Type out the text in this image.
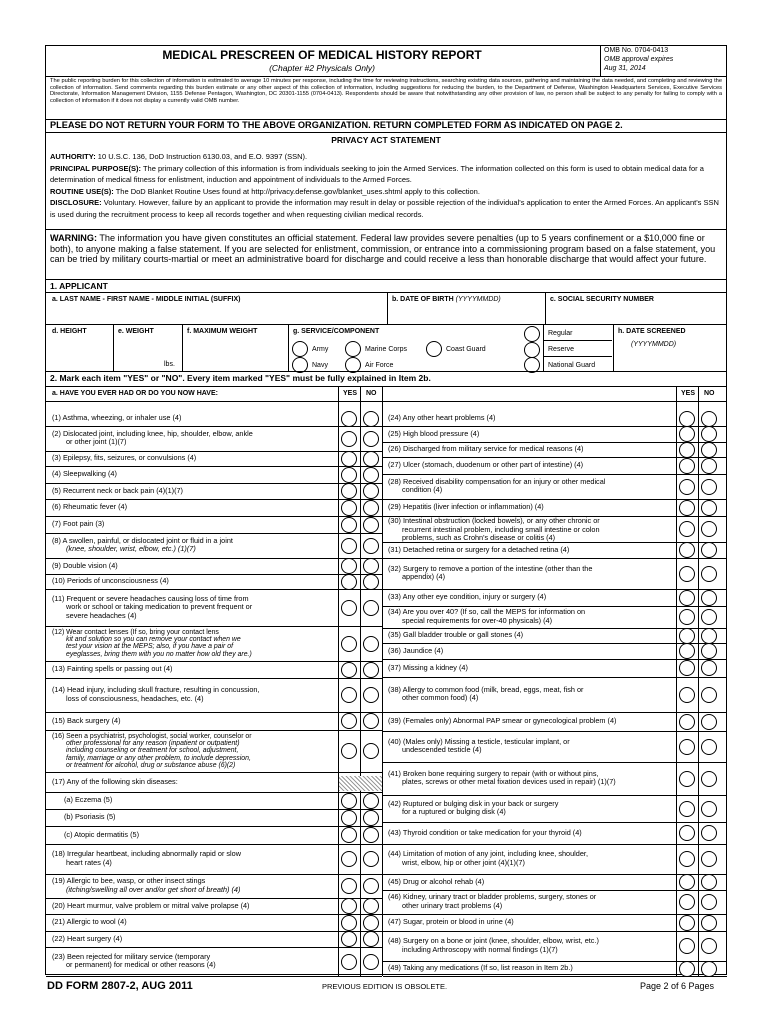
MEDICAL PRESCREEN OF MEDICAL HISTORY REPORT
(Chapter #2 Physicals Only)
OMB No. 0704-0413
OMB approval expires
Aug 31, 2014
The public reporting burden for this collection of information is estimated to average 10 minutes per response, including the time for reviewing instructions, searching existing data sources, gathering and maintaining the data needed, and completing and reviewing the collection of information. Send comments regarding this burden estimate or any other aspect of this collection of information, including suggestions for reducing the burden, to the Department of Defense, Washington Headquarters Services, Executive Services Directorate, Information Management Division, 1155 Defense Pentagon, Washington, DC 20301-1155 (0704-0413). Respondents should be aware that notwithstanding any other provision of law, no person shall be subject to any penalty for failing to comply with a collection of information if it does not display a currently valid OMB number.
PLEASE DO NOT RETURN YOUR FORM TO THE ABOVE ORGANIZATION. RETURN COMPLETED FORM AS INDICATED ON PAGE 2.
PRIVACY ACT STATEMENT
AUTHORITY: 10 U.S.C. 136, DoD Instruction 6130.03, and E.O. 9397 (SSN).
PRINCIPAL PURPOSE(S): The primary collection of this information is from individuals seeking to join the Armed Services. The information collected on this form is used to obtain medical data for a determination of medical fitness for enlistment, induction and appointment of individuals to the Armed Forces.
ROUTINE USE(S): The DoD Blanket Routine Uses found at http://privacy.defense.gov/blanket_uses.shtml apply to this collection.
DISCLOSURE: Voluntary. However, failure by an applicant to provide the information may result in delay or possible rejection of the individual's application to enter the Armed Forces. An applicant's SSN is used during the recruitment process to keep all records together and when requesting civilian medical records.
WARNING: The information you have given constitutes an official statement. Federal law provides severe penalties (up to 5 years confinement or a $10,000 fine or both), to anyone making a false statement. If you are selected for enlistment, commission, or entrance into a commissioning program based on a false statement, you can be tried by military courts-martial or meet an administrative board for discharge and could receive a less than honorable discharge that would affect your future.
1. APPLICANT
a. LAST NAME - FIRST NAME - MIDDLE INITIAL (SUFFIX)	b. DATE OF BIRTH (YYYYMMDD)	c. SOCIAL SECURITY NUMBER
d. HEIGHT	e. WEIGHT	f. MAXIMUM WEIGHT
lbs.
g. SERVICE/COMPONENT
Army
Navy
Marine Corps
Air Force
Coast Guard
Regular
Reserve
National Guard
h. DATE SCREENED
(YYYYMMDD)
2. Mark each item "YES" or "NO". Every item marked "YES" must be fully explained in Item 2b.
a. HAVE YOU EVER HAD OR DO YOU NOW HAVE:	YES NO	YES NO
(1) Asthma, wheezing, or inhaler use (4)
(2) Dislocated joint, including knee, hip, shoulder, elbow, ankle
or other joint (1)(7)
(3) Epilepsy, fits, seizures, or convulsions (4)
(4) Sleepwalking (4)
(5) Recurrent neck or back pain (4)(1)(7)
(6) Rheumatic fever (4)
(7) Foot pain (3)
(8) A swollen, painful, or dislocated joint or fluid in a joint
(knee, shoulder, wrist, elbow, etc.) (1)(7)
(9) Double vision (4)
(10) Periods of unconsciousness (4)
(11) Frequent or severe headaches causing loss of time from
work or school or taking medication to prevent frequent or
severe headaches (4)
(12) Wear contact lenses (If so, bring your contact lens
kit and solution so you can remove your contact when we
test your vision at the MEPS; also, if you have a pair of
eyeglasses, bring them with you no matter how old they are.)
(13) Fainting spells or passing out (4)
(14) Head injury, including skull fracture, resulting in concussion,
loss of consciousness, headaches, etc. (4)
(15) Back surgery (4)
(16) Seen a psychiatrist, psychologist, social worker, counselor or
other professional for any reason (inpatient or outpatient)
including counseling or treatment for school, adjustment,
family, marriage or any other problem, to include depression,
or treatment for alcohol, drug or substance abuse (6)(2)
(17) Any of the following skin diseases:
(a) Eczema (5)
(b) Psoriasis (5)
(c) Atopic dermatitis (5)
(18) Irregular heartbeat, including abnormally rapid or slow
heart rates (4)
(19) Allergic to bee, wasp, or other insect stings
(itching/swelling all over and/or get short of breath) (4)
(20) Heart murmur, valve problem or mitral valve prolapse (4)
(21) Allergic to wool (4)
(22) Heart surgery (4)
(23) Been rejected for military service (temporary
or permanent) for medical or other reasons (4)
(24) Any other heart problems (4)
(25) High blood pressure (4)
(26) Discharged from military service for medical reasons (4)
(27) Ulcer (stomach, duodenum or other part of intestine) (4)
(28) Received disability compensation for an injury or other medical
condition (4)
(29) Hepatitis (liver infection or inflammation) (4)
(30) Intestinal obstruction (locked bowels), or any other chronic or
recurrent intestinal problem, including small intestine or colon
problems, such as Crohn's disease or colitis (4)
(31) Detached retina or surgery for a detached retina (4)
(32) Surgery to remove a portion of the intestine (other than the
appendix) (4)
(33) Any other eye condition, injury or surgery (4)
(34) Are you over 40? (If so, call the MEPS for information on
special requirements for over-40 physicals) (4)
(35) Gall bladder trouble or gall stones (4)
(36) Jaundice (4)
(37) Missing a kidney (4)
(38) Allergy to common food (milk, bread, eggs, meat, fish or
other common food) (4)
(39) (Females only) Abnormal PAP smear or gynecological problem (4)
(40) (Males only) Missing a testicle, testicular implant, or
undescended testicle (4)
(41) Broken bone requiring surgery to repair (with or without pins,
plates, screws or other metal fixation devices used in repair) (1)(7)
(42) Ruptured or bulging disk in your back or surgery
for a ruptured or bulging disk (4)
(43) Thyroid condition or take medication for your thyroid (4)
(44) Limitation of motion of any joint, including knee, shoulder,
wrist, elbow, hip or other joint (4)(1)(7)
(45) Drug or alcohol rehab (4)
(46) Kidney, urinary tract or bladder problems, surgery, stones or
other urinary tract problems (4)
(47) Sugar, protein or blood in urine (4)
(48) Surgery on a bone or joint (knee, shoulder, elbow, wrist, etc.)
including Arthroscopy with normal findings (1)(7)
(49) Taking any medications (If so, list reason in Item 2b.)
DD FORM 2807-2, AUG 2011	PREVIOUS EDITION IS OBSOLETE.	Page 2 of 6 Pages
